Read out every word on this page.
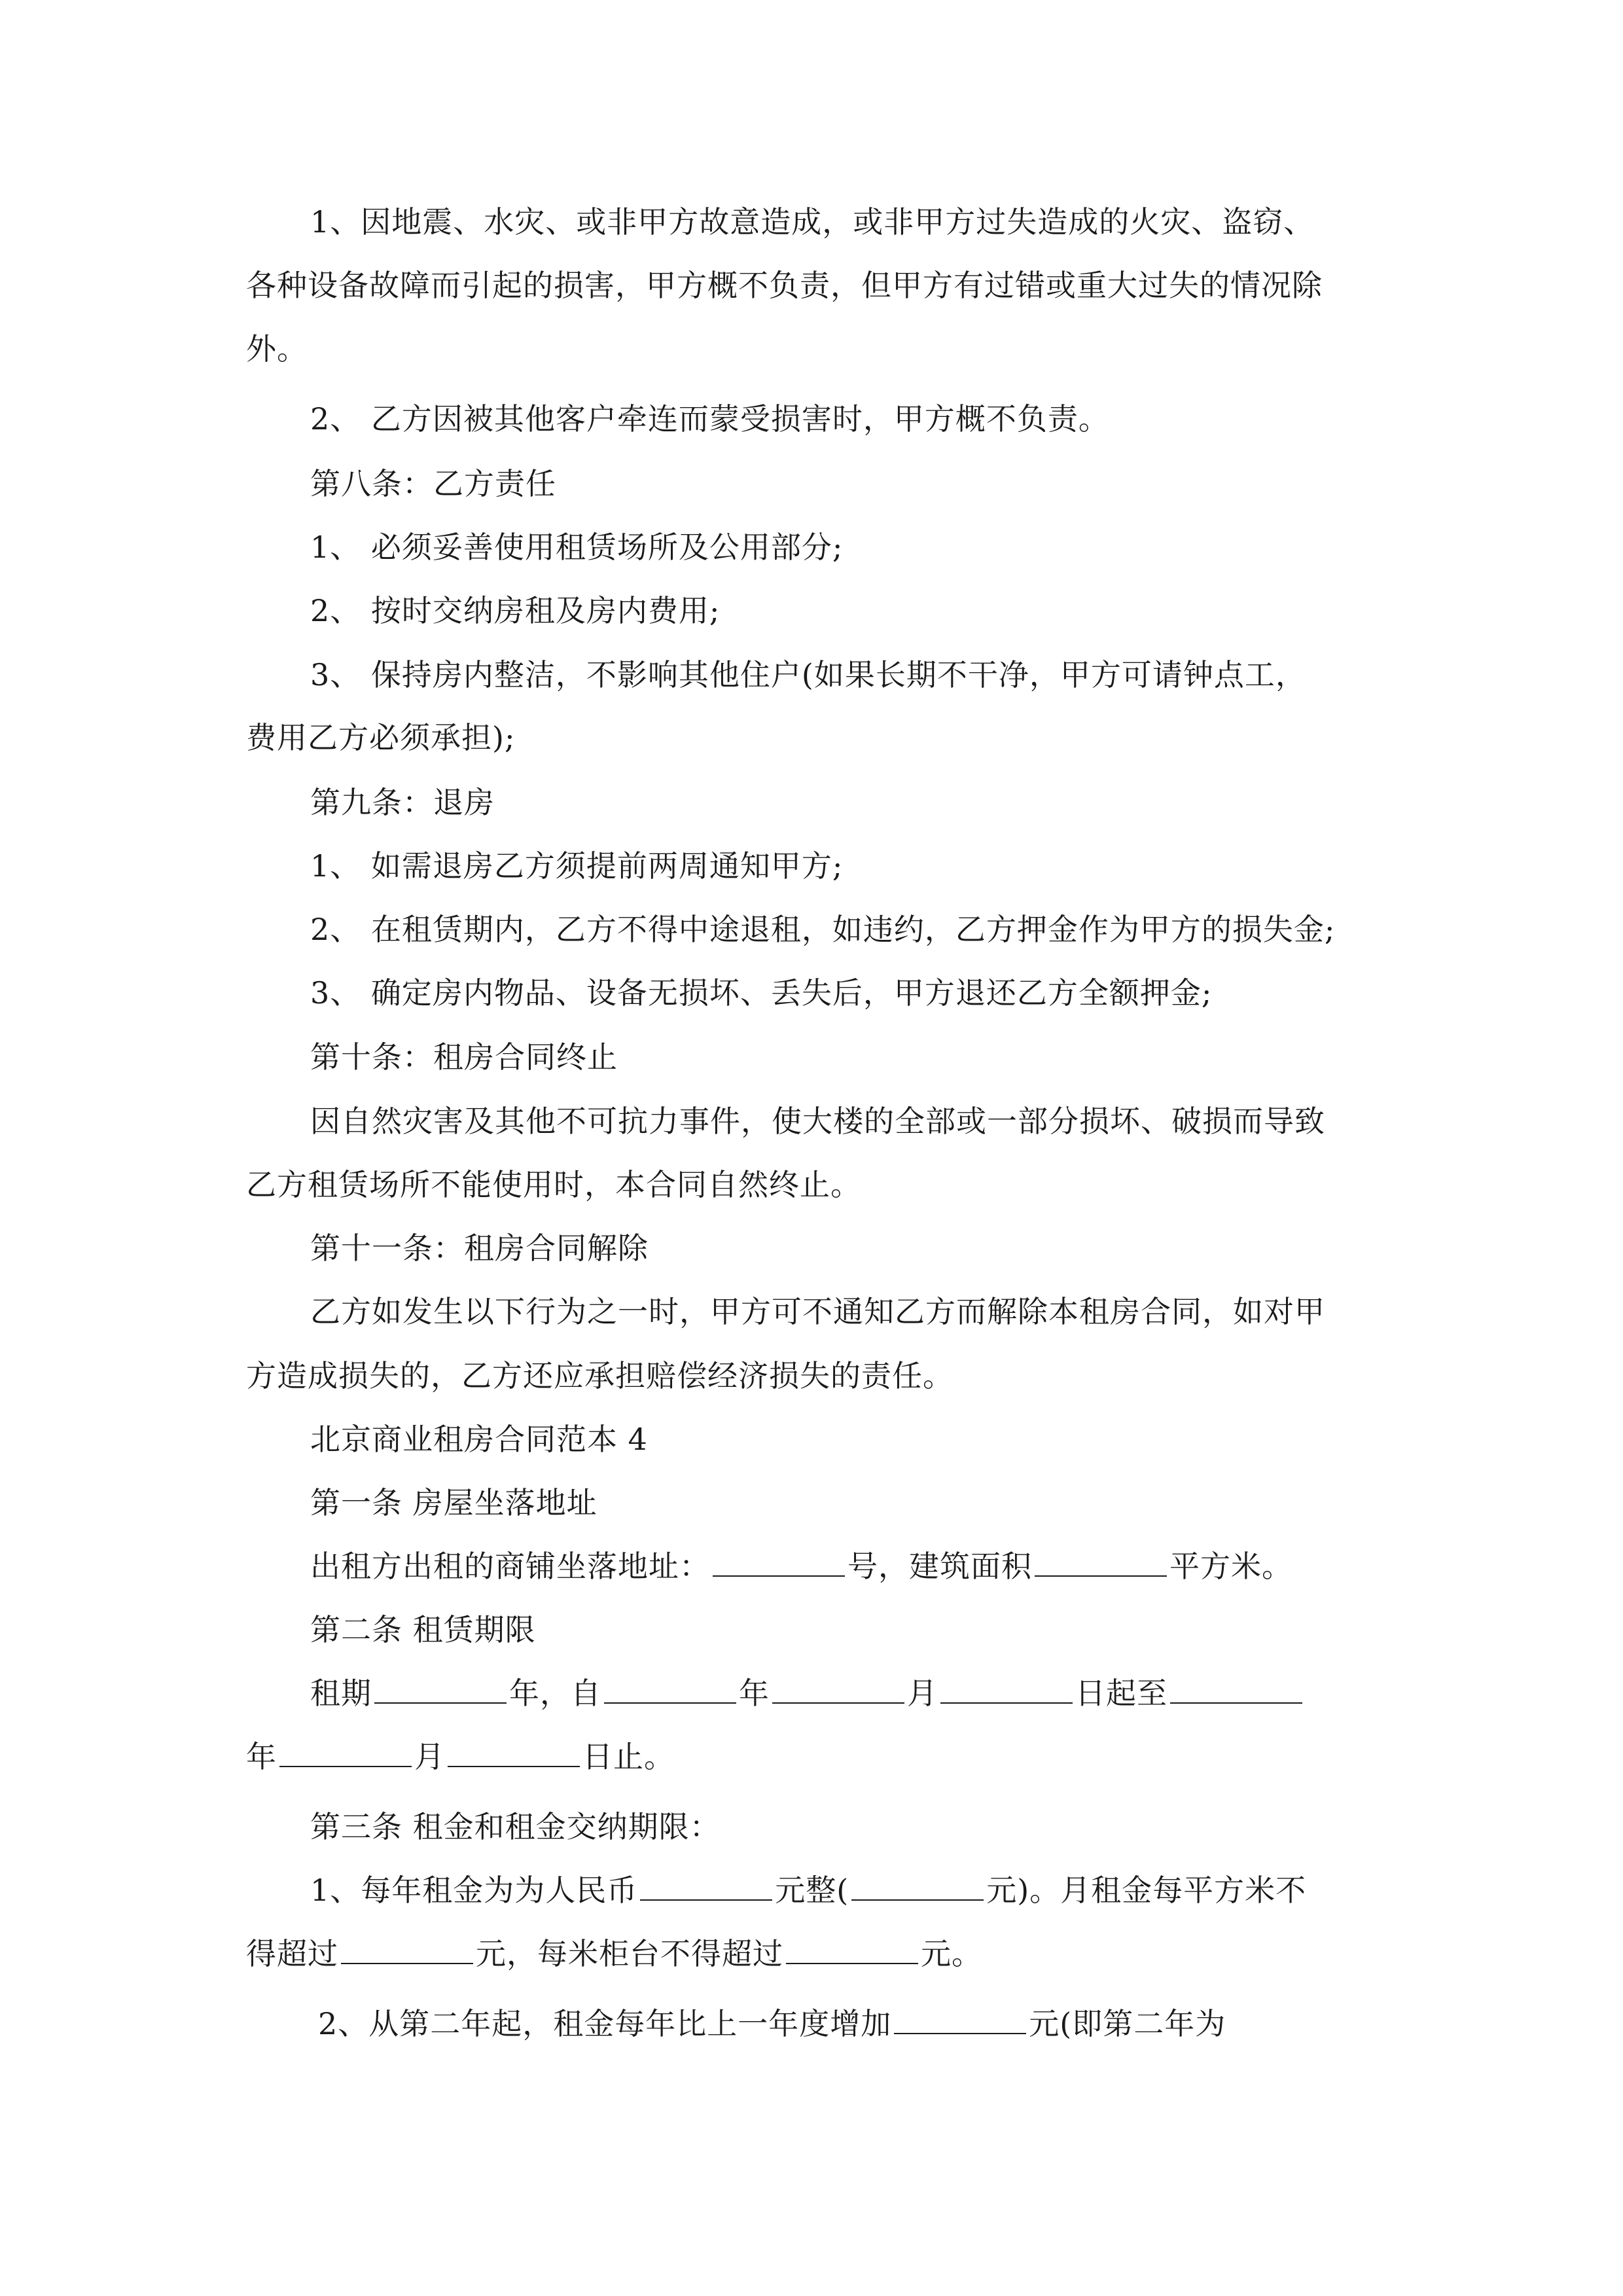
1、因地震、水灾、或非甲方故意造成，或非甲方过失造成的火灾、盗窃、
各种设备故障而引起的损害，甲方概不负责，但甲方有过错或重大过失的情况除
外。
2、 乙方因被其他客户牵连而蒙受损害时，甲方概不负责。
第八条：乙方责任
1、 必须妥善使用租赁场所及公用部分;
2、 按时交纳房租及房内费用;
3、 保持房内整洁，不影响其他住户(如果长期不干净，甲方可请钟点工，
费用乙方必须承担);
第九条：退房
1、 如需退房乙方须提前两周通知甲方;
2、 在租赁期内，乙方不得中途退租，如违约，乙方押金作为甲方的损失金;
3、 确定房内物品、设备无损坏、丢失后，甲方退还乙方全额押金;
第十条：租房合同终止
因自然灾害及其他不可抗力事件，使大楼的全部或一部分损坏、破损而导致
乙方租赁场所不能使用时，本合同自然终止。
第十一条：租房合同解除
乙方如发生以下行为之一时，甲方可不通知乙方而解除本租房合同，如对甲
方造成损失的，乙方还应承担赔偿经济损失的责任。
北京商业租房合同范本 4
第一条 房屋坐落地址
出租方出租的商铺坐落地址：	号，建筑面积	平方米。
第二条 租赁期限
租期	年，自	年	月	日起至
年	月	日止。
第三条 租金和租金交纳期限：
1、每年租金为为人民币	元整(	元)。月租金每平方米不
得超过	元，每米柜台不得超过	元。
2、从第二年起，租金每年比上一年度增加	元(即第二年为
